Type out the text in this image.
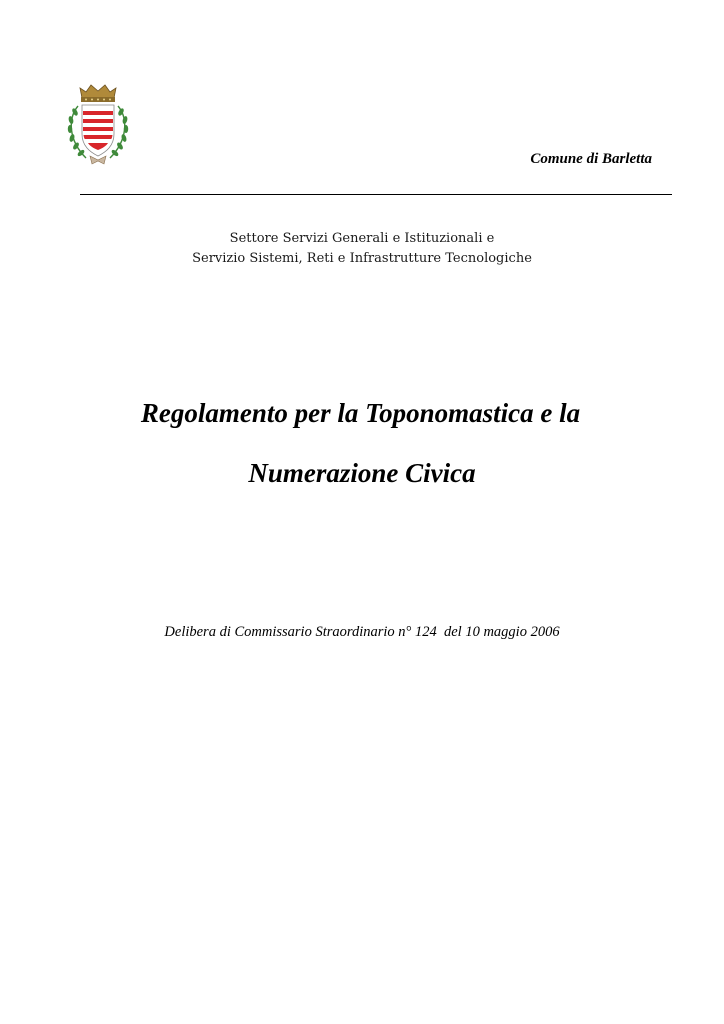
Comune di Barletta
Settore Servizi Generali e Istituzionali e
Servizio Sistemi, Reti e Infrastrutture Tecnologiche
Regolamento per la Toponomastica e la
Numerazione Civica
Delibera di Commissario Straordinario n° 124  del 10 maggio 2006
